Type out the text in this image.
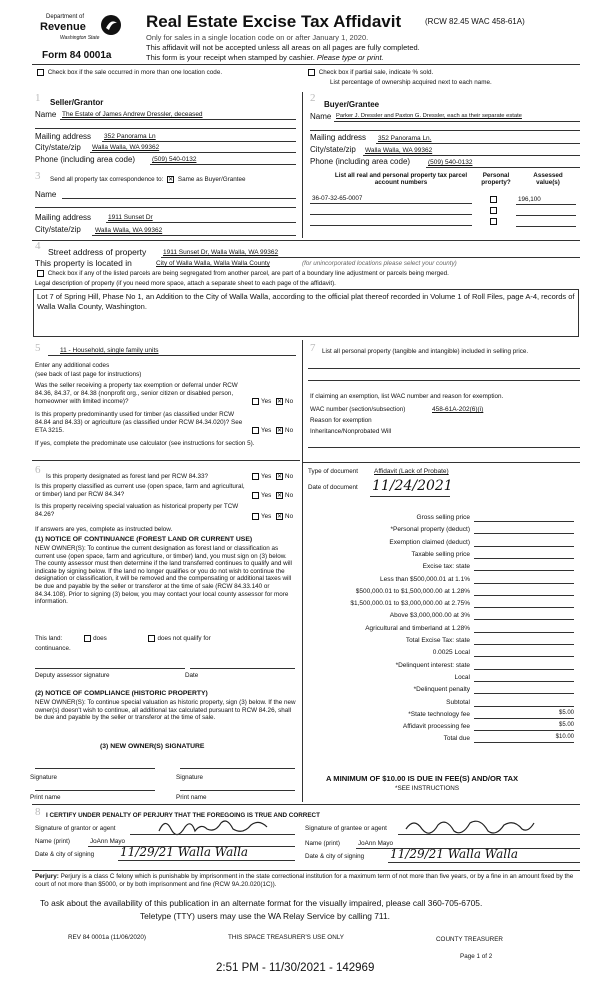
Department of
Revenue
Washington State
Form 84 0001a
Real Estate Excise Tax Affidavit	(RCW 82.45 WAC 458-61A)
Only for sales in a single location code on or after January 1, 2020.
This affidavit will not be accepted unless all areas on all pages are fully completed.
This form is your receipt when stamped by cashier. Please type or print.
Check box if the sale occurred in more than one location code.	Check box if partial sale, indicate % sold.
List percentage of ownership acquired next to each name.
1 Seller/Grantor
Name The Estate of James Andrew Dressler, deceased
Mailing address 352 Panorama Ln
City/state/zip Walla Walla, WA 99362
Phone (including area code)	(509) 540-0132
2
Buyer/Grantee
Name Parker J. Dressler and Paxton G. Dressler, each as their separate estate
Mailing address 352 Panorama Ln.
City/state/zip Walla Walla, WA 99362
Phone (including area code)	(509) 540-0132
3 Send all property tax correspondence to: ✕ Same as Buyer/Grantee
Name
Mailing address	1911 Sunset Dr
City/state/zip Walla Walla, WA 99362
List all real and personal property tax parcel account numbers
Personal property?
Assessed value(s)
36-07-32-65-0007	196,100
4 Street address of property	1911 Sunset Dr, Walla Walla, WA 99362
This property is located in	City of Walla Walla, Walla Walla County	(for unincorporated locations please select your county)
Check box if any of the listed parcels are being segregated from another parcel, are part of a boundary line adjustment or parcels being merged.
Legal description of property (if you need more space, attach a separate sheet to each page of the affidavit).
Lot 7 of Spring Hill, Phase No 1, an Addition to the City of Walla Walla, according to the official plat thereof recorded in Volume 1 of Roll Files, page A-4, records of Walla Walla County, Washington.
5	11 - Household, single family units
Enter any additional codes
(see back of last page for instructions)
Was the seller receiving a property tax exemption or deferral under RCW 84.36, 84.37, or 84.38 (nonprofit org., senior citizen or disabled person, homeowner with limited income)?	Yes ✕ No
Is this property predominantly used for timber (as classified under RCW 84.84 and 84.33) or agriculture (as classified under RCW 84.34.020)? See ETA 3215.	Yes ✕ No
If yes, complete the predominate use calculator (see instructions for section 5).
6
Is this property designated as forest land per RCW 84.33?	Yes ✕ No
Is this property classified as current use (open space, farm and agricultural, or timber) land per RCW 84.34?	Yes ✕ No
Is this property receiving special valuation as historical property per TCW 84.26?	Yes ✕ No
If answers are yes, complete as instructed below.
(1) NOTICE OF CONTINUANCE (FOREST LAND OR CURRENT USE)
NEW OWNER(S): To continue the current designation as forest land or classification as current use (open space, farm and agriculture, or timber) land, you must sign on (3) below. The county assessor must then determine if the land transferred continues to qualify and will indicate by signing below. If the land no longer qualifies or you do not wish to continue the designation or classification, it will be removed and the compensating or additional taxes will be due and payable by the seller or transferor at the time of sale (RCW 84.33.140 or 84.34.108). Prior to signing (3) below, you may contact your local county assessor for more information.
This land:	does	does not qualify for
continuance.
Deputy assessor signature	Date
(2) NOTICE OF COMPLIANCE (HISTORIC PROPERTY)
NEW OWNER(S): To continue special valuation as historic property, sign (3) below. If the new owner(s) doesn't wish to continue, all additional tax calculated pursuant to RCW 84.26, shall be due and payable by the seller or transferor at the time of sale.
(3) NEW OWNER(S) SIGNATURE
Signature	Signature
Print name	Print name
7 List all personal property (tangible and intangible) included in selling price.
If claiming an exemption, list WAC number and reason for exemption.
WAC number (section/subsection)	458-61A-202(6)(i)
Reason for exemption
Inheritance/Nonprobated Will
Type of document Affidavit (Lack of Probate)
Date of document 11/24/2021
Gross selling price
*Personal property (deduct)
Exemption claimed (deduct)
Taxable selling price
Excise tax: state
Less than $500,000.01 at 1.1%
$500,000.01 to $1,500,000.00 at 1.28%
$1,500,000.01 to $3,000,000.00 at 2.75%
Above $3,000,000.00 at 3%
Agricultural and timberland at 1.28%
Total Excise Tax: state
0.0025 Local
*Delinquent interest: state
Local
*Delinquent penalty
Subtotal
*State technology fee	$5.00
Affidavit processing fee	$5.00
Total due	$10.00
A MINIMUM OF $10.00 IS DUE IN FEE(S) AND/OR TAX
*SEE INSTRUCTIONS
8 I CERTIFY UNDER PENALTY OF PERJURY THAT THE FOREGOING IS TRUE AND CORRECT
Signature of grantor or agent
Name (print)	JoAnn Mayo
Date & city of signing 11/29/21 Walla Walla
Signature of grantee or agent
Name (print)	JoAnn Mayo
Date & city of signing 11/29/21 Walla Walla
Perjury: Perjury is a class C felony which is punishable by imprisonment in the state correctional institution for a maximum term of not more than five years, or by a fine in an amount fixed by the court of not more than $5000, or by both imprisonment and fine (RCW 9A.20.020(1C)).
To ask about the availability of this publication in an alternate format for the visually impaired, please call 360-705-6705.
Teletype (TTY) users may use the WA Relay Service by calling 711.
REV 84 0001a (11/06/2020)	THIS SPACE TREASURER'S USE ONLY	COUNTY TREASURER
Page 1 of 2
2:51 PM - 11/30/2021 - 142969
